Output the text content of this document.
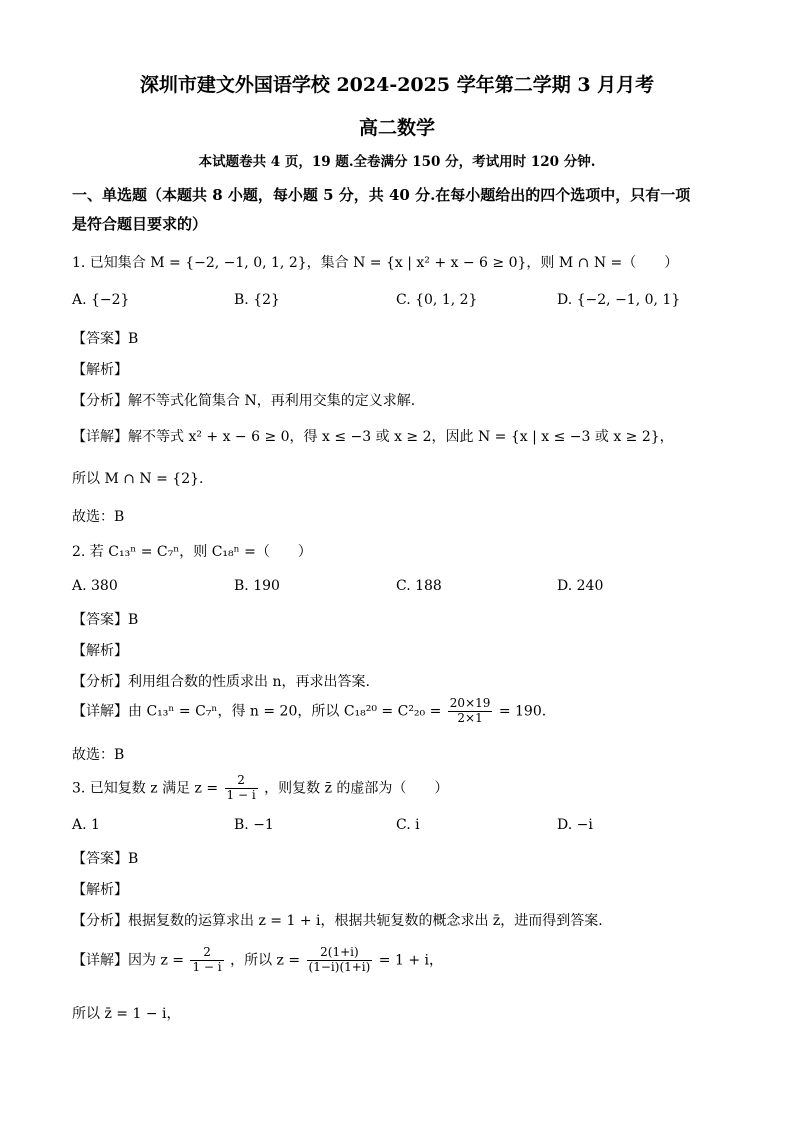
深圳市建文外国语学校 2024-2025 学年第二学期 3 月月考
高二数学
本试题卷共 4 页，19 题.全卷满分 150 分，考试用时 120 分钟.
一、单选题（本题共 8 小题，每小题 5 分，共 40 分.在每小题给出的四个选项中，只有一项
是符合题目要求的）
1. 已知集合 M = {−2, −1, 0, 1, 2}，集合 N = {x | x² + x − 6 ≥ 0}，则 M ∩ N =（　　）
A. {−2}	B. {2}	C. {0, 1, 2}	D. {−2, −1, 0, 1}
【答案】B
【解析】
【分析】解不等式化简集合 N，再利用交集的定义求解.
【详解】解不等式 x² + x − 6 ≥ 0，得 x ≤ −3 或 x ≥ 2，因此 N = {x | x ≤ −3 或 x ≥ 2}，
所以 M ∩ N = {2}.
故选：B
2. 若 C₁₃ⁿ = C₇ⁿ，则 C₁₈ⁿ =（　　）
A. 380	B. 190	C. 188	D. 240
【答案】B
【解析】
【分析】利用组合数的性质求出 n，再求出答案.
【详解】由 C₁₃ⁿ = C₇ⁿ，得 n = 20，所以 $C_{18}^{20} = C^2_{20} = \frac{20\times 19}{2\times 1} = 190$.
故选：B
3. 已知复数 z 满足 $z = \frac{2}{1 - i}$ ，则复数 z̄ 的虚部为（　　）
A. 1	B. −1	C. i	D. −i
【答案】B
【解析】
【分析】根据复数的运算求出 z = 1 + i，根据共轭复数的概念求出 z̄，进而得到答案.
【详解】因为 $z = \frac{2}{1 - i}$ ，所以 $z = \frac{2(1+i)}{(1-i)(1+i)} = 1 + i$，
所以 z̄ = 1 − i，
